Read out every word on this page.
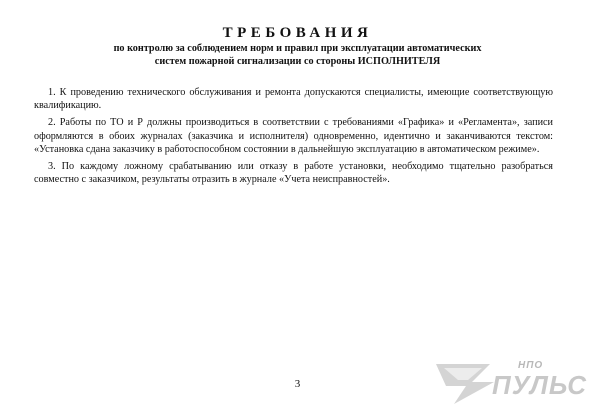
ТРЕБОВАНИЯ
по контролю за соблюдением норм и правил при эксплуатации автоматических
систем пожарной сигнализации со стороны ИСПОЛНИТЕЛЯ

1. К проведению технического обслуживания и ремонта допускаются специалисты, имеющие соответствующую квалификацию.

2. Работы по ТО и Р должны производиться в соответствии с требованиями «Графика» и «Регламента», записи оформляются в обоих журналах (заказчика и исполнителя) одновременно, идентично и заканчиваются текстом: «Установка сдана заказчику в работоспособном состоянии в дальнейшую эксплуатацию в автоматическом режиме».

3. По каждому ложному срабатыванию или отказу в работе установки, необходимо тщательно разобраться совместно с заказчиком, результаты отразить в журнале «Учета неисправностей».

3
НПО
ПУЛЬС
